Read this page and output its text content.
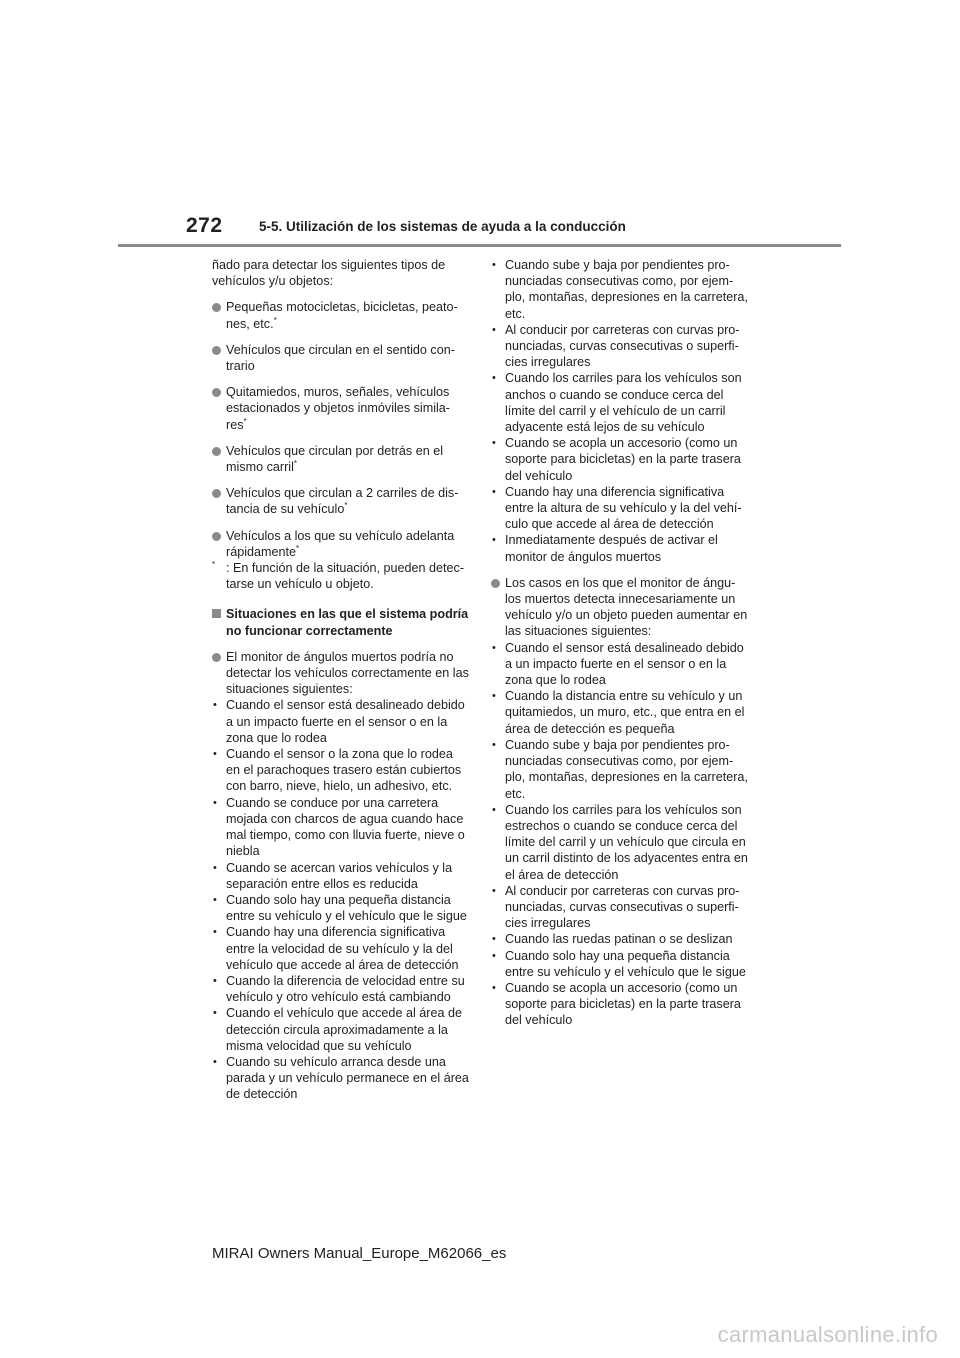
272	5-5. Utilización de los sistemas de ayuda a la conducción

ñado para detectar los siguientes tipos de vehículos y/u objetos:

Pequeñas motocicletas, bicicletas, peato-nes, etc.*
Vehículos que circulan en el sentido con-trario
Quitamiedos, muros, señales, vehículos estacionados y objetos inmóviles simila-res*
Vehículos que circulan por detrás en el mismo carril*
Vehículos que circulan a 2 carriles de dis-tancia de su vehículo*
Vehículos a los que su vehículo adelanta rápidamente*
* : En función de la situación, pueden detec-tarse un vehículo u objeto.
Situaciones en las que el sistema podría no funcionar correctamente
El monitor de ángulos muertos podría no detectar los vehículos correctamente en las situaciones siguientes:
• Cuando el sensor está desalineado debido a un impacto fuerte en el sensor o en la zona que lo rodea
• Cuando el sensor o la zona que lo rodea en el parachoques trasero están cubiertos con barro, nieve, hielo, un adhesivo, etc.
• Cuando se conduce por una carretera mojada con charcos de agua cuando hace mal tiempo, como con lluvia fuerte, nieve o niebla
• Cuando se acercan varios vehículos y la separación entre ellos es reducida
• Cuando solo hay una pequeña distancia entre su vehículo y el vehículo que le sigue
• Cuando hay una diferencia significativa entre la velocidad de su vehículo y la del vehículo que accede al área de detección
• Cuando la diferencia de velocidad entre su vehículo y otro vehículo está cambiando
• Cuando el vehículo que accede al área de detección circula aproximadamente a la misma velocidad que su vehículo
• Cuando su vehículo arranca desde una parada y un vehículo permanece en el área de detección
• Cuando sube y baja por pendientes pro-nunciadas consecutivas como, por ejem-plo, montañas, depresiones en la carretera, etc.
• Al conducir por carreteras con curvas pro-nunciadas, curvas consecutivas o superfi-cies irregulares
• Cuando los carriles para los vehículos son anchos o cuando se conduce cerca del límite del carril y el vehículo de un carril adyacente está lejos de su vehículo
• Cuando se acopla un accesorio (como un soporte para bicicletas) en la parte trasera del vehículo
• Cuando hay una diferencia significativa entre la altura de su vehículo y la del vehí-culo que accede al área de detección
• Inmediatamente después de activar el monitor de ángulos muertos
Los casos en los que el monitor de ángu-los muertos detecta innecesariamente un vehículo y/o un objeto pueden aumentar en las situaciones siguientes:
• Cuando el sensor está desalineado debido a un impacto fuerte en el sensor o en la zona que lo rodea
• Cuando la distancia entre su vehículo y un quitamiedos, un muro, etc., que entra en el área de detección es pequeña
• Cuando sube y baja por pendientes pro-nunciadas consecutivas como, por ejem-plo, montañas, depresiones en la carretera, etc.
• Cuando los carriles para los vehículos son estrechos o cuando se conduce cerca del límite del carril y un vehículo que circula en un carril distinto de los adyacentes entra en el área de detección
• Al conducir por carreteras con curvas pro-nunciadas, curvas consecutivas o superfi-cies irregulares
• Cuando las ruedas patinan o se deslizan
• Cuando solo hay una pequeña distancia entre su vehículo y el vehículo que le sigue
• Cuando se acopla un accesorio (como un soporte para bicicletas) en la parte trasera del vehículo
MIRAI Owners Manual_Europe_M62066_es
carmanualsonline.info
